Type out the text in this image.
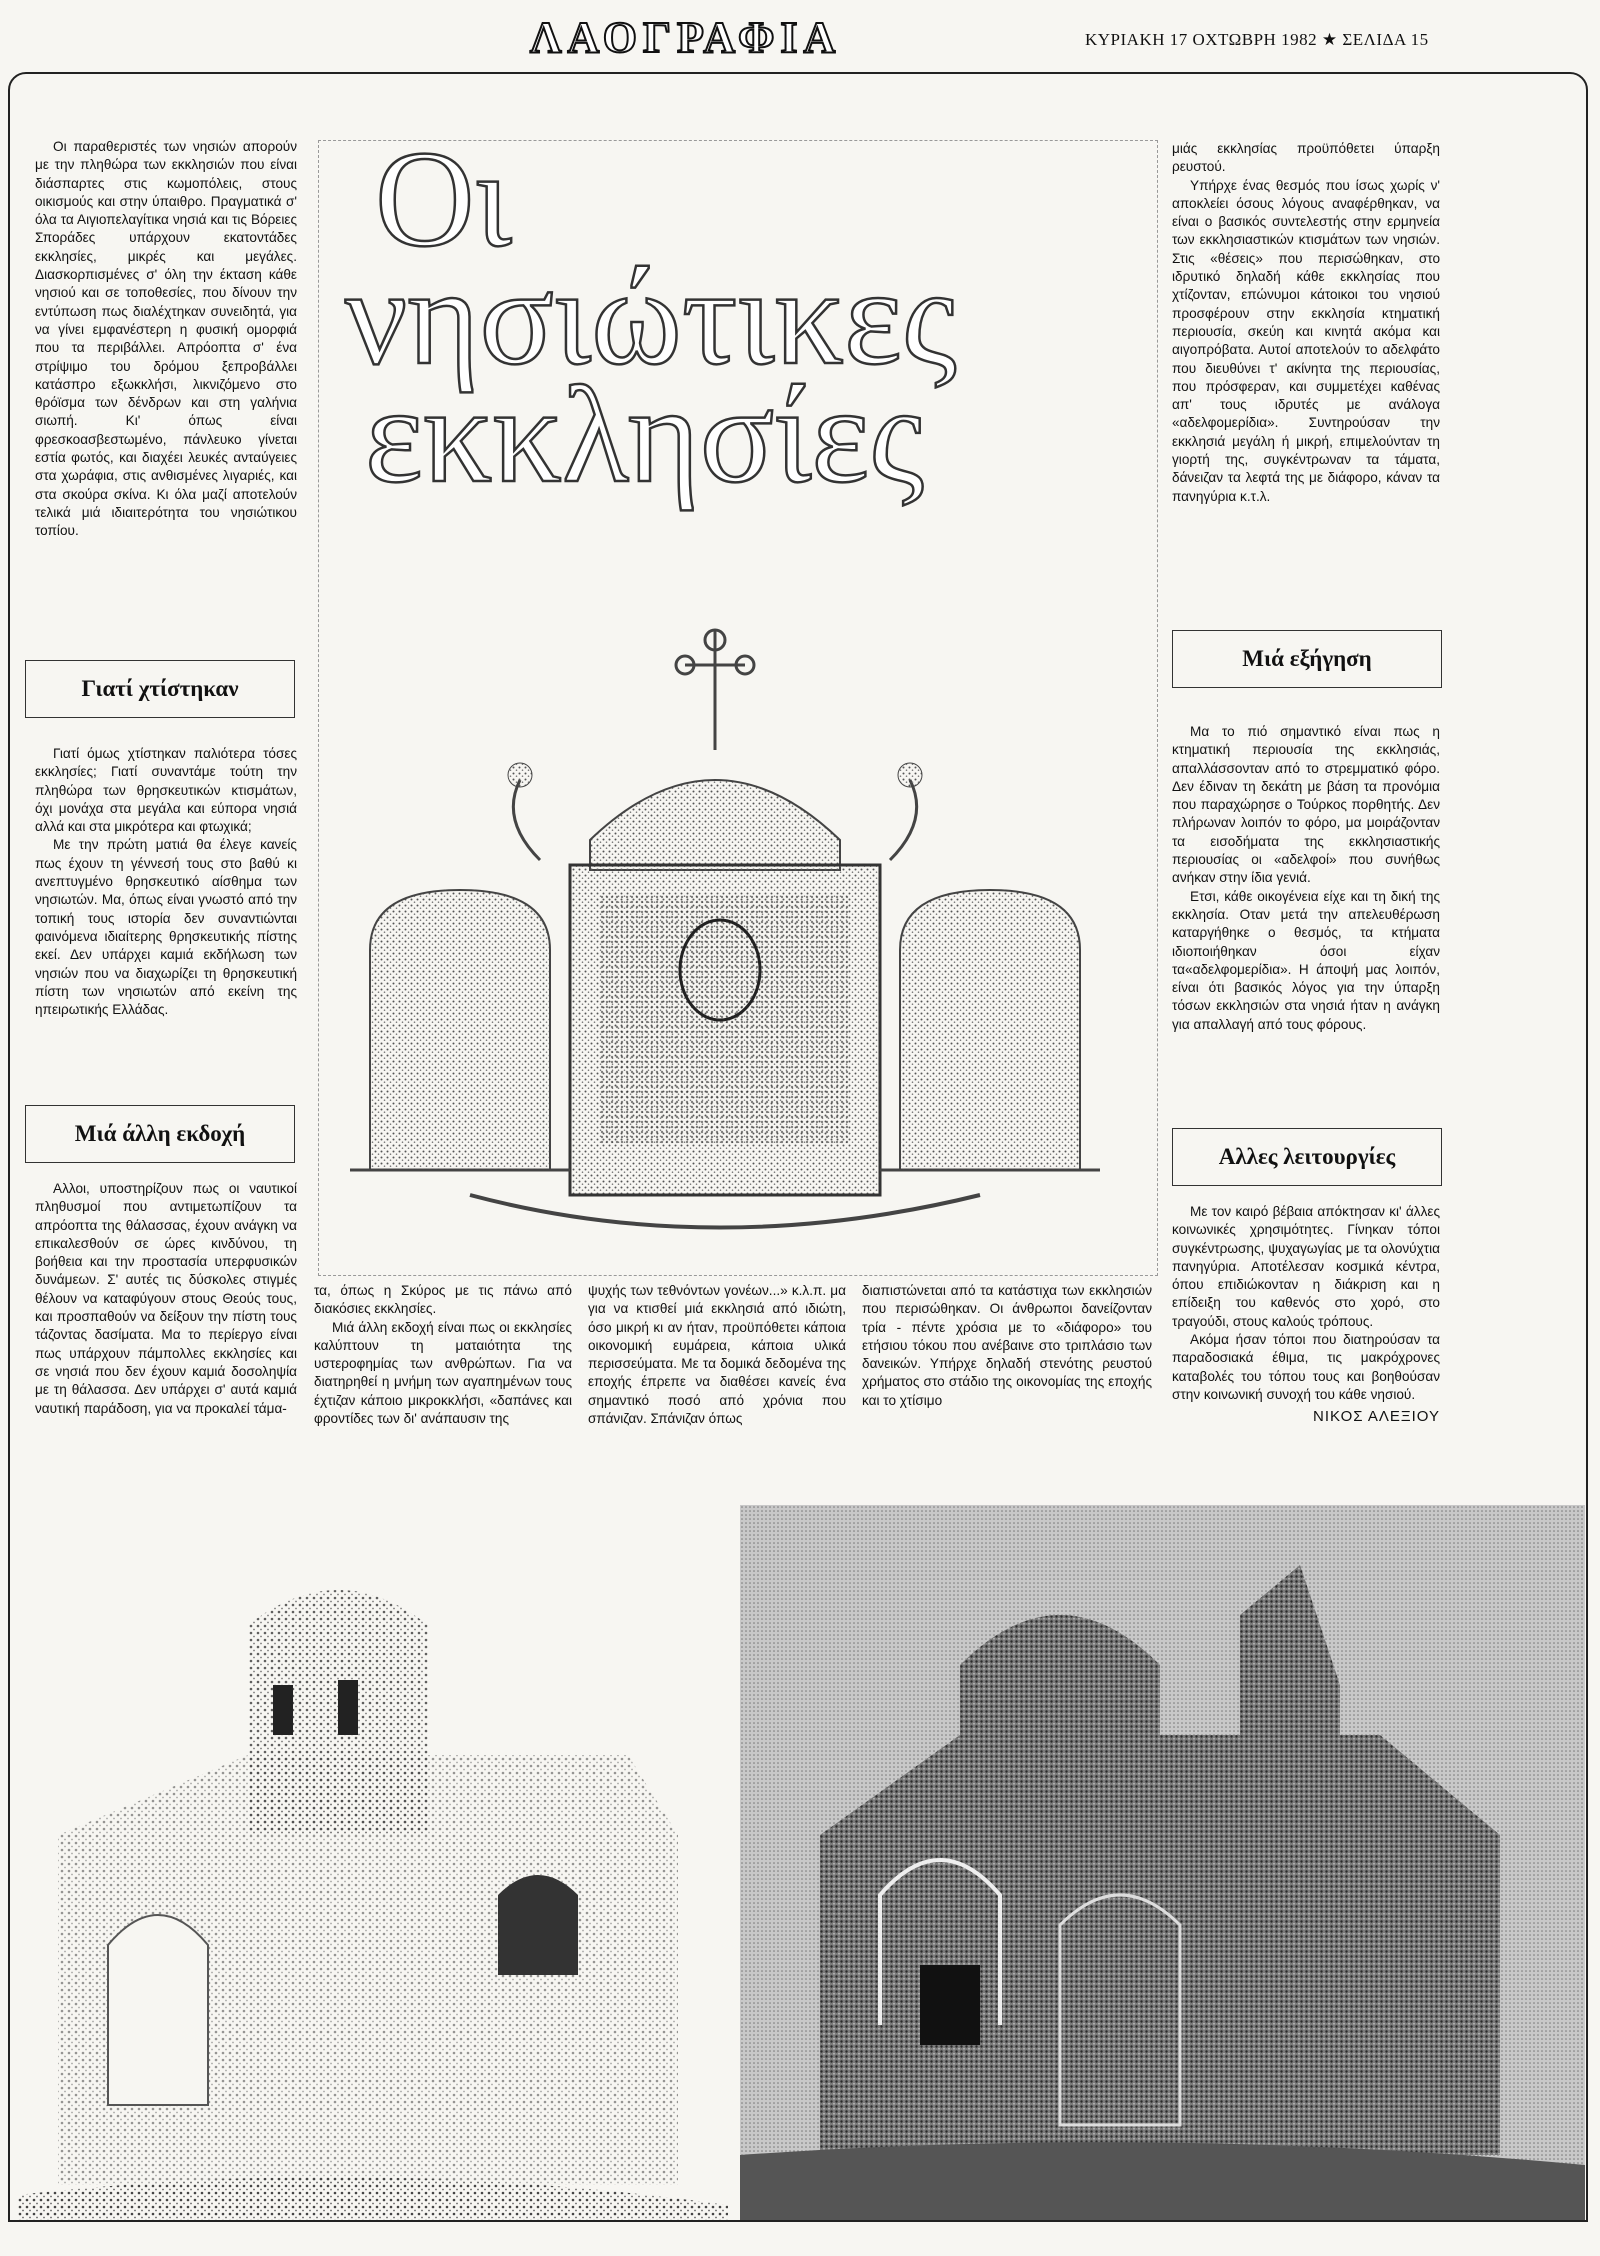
ΛΑΟΓΡΑΦΙΑ	ΚΥΡΙΑΚΗ 17 ΟΧΤΩΒΡΗ 1982 ★ ΣΕΛΙΔΑ 15

Οι παραθεριστές των νησιών απορούν με την πληθώρα των εκκλησιών που είναι διάσπαρτες στις κωμοπόλεις, στους οικισμούς και στην ύπαιθρο. Πραγματικά σ' όλα τα Αιγιοπελαγίτικα νησιά και τις Βόρειες Σποράδες υπάρχουν εκατοντάδες εκκλησίες, μικρές και μεγάλες. Διασκορπισμένες σ' όλη την έκταση κάθε νησιού και σε τοποθεσίες, που δίνουν την εντύπωση πως διαλέχτηκαν συνειδητά, για να γίνει εμφανέστερη η φυσική ομορφιά που τα περιβάλλει. Απρόοπτα σ' ένα στρίψιμο του δρόμου ξεπροβάλλει κατάσπρο εξωκκλήσι, λικνιζόμενο στο θρόϊσμα των δένδρων και στη γαλήνια σιωπή. Κι' όπως είναι φρεσκοασβεστωμένο, πάνλευκο γίνεται εστία φωτός, και διαχέει λευκές ανταύγειες στα χωράφια, στις ανθισμένες λιγαριές, και στα σκούρα σκίνα. Κι όλα μαζί αποτελούν τελικά μιά ιδιαιτερότητα του νησιώτικου τοπίου.

Γιατί χτίστηκαν

Γιατί όμως χτίστηκαν παλιότερα τόσες εκκλησίες; Γιατί συναντάμε τούτη την πληθώρα των θρησκευτικών κτισμάτων, όχι μονάχα στα μεγάλα και εύπορα νησιά αλλά και στα μικρότερα και φτωχικά;

Με την πρώτη ματιά θα έλεγε κανείς πως έχουν τη γέννεσή τους στο βαθύ κι ανεπτυγμένο θρησκευτικό αίσθημα των νησιωτών. Μα, όπως είναι γνωστό από την τοπική τους ιστορία δεν συναντιώνται φαινόμενα ιδιαίτερης θρησκευτικής πίστης εκεί. Δεν υπάρχει καμιά εκδήλωση των νησιών που να διαχωρίζει τη θρησκευτική πίστη των νησιωτών από εκείνη της ηπειρωτικής Ελλάδας.

Μιά άλλη εκδοχή

Αλλοι, υποστηρίζουν πως οι ναυτικοί πληθυσμοί που αντιμετωπίζουν τα απρόοπτα της θάλασσας, έχουν ανάγκη να επικαλεσθούν σε ώρες κινδύνου, τη βοήθεια και την προστασία υπερφυσικών δυνάμεων. Σ' αυτές τις δύσκολες στιγμές θέλουν να καταφύγουν στους Θεούς τους, και προσπαθούν να δείξουν την πίστη τους τάζοντας δασίματα. Μα το περίεργο είναι πως υπάρχουν πάμπολλες εκκλησίες και σε νησιά που δεν έχουν καμιά δοσοληψία με τη θάλασσα. Δεν υπάρχει σ' αυτά καμιά ναυτική παράδοση, για να προκαλεί τάμα-

Οι
νησιώτικες
εκκλησίες

τα, όπως η Σκύρος με τις πάνω από διακόσιες εκκλησίες.

Μιά άλλη εκδοχή είναι πως οι εκκλησίες καλύπτουν τη ματαιότητα της υστεροφημίας των ανθρώπων. Για να διατηρηθεί η μνήμη των αγαπημένων τους έχτιζαν κάποιο μικροκκλήσι, «δαπάνες και φροντίδες των δι' ανάπαυσιν της

ψυχής των τεθνόντων γονέων...» κ.λ.π. μα για να κτισθεί μιά εκκλησιά από ιδιώτη, όσο μικρή κι αν ήταν, προϋπόθετει κάποια οικονομική ευμάρεια, κάποια υλικά περισσεύματα. Με τα δομικά δεδομένα της εποχής έπρεπε να διαθέσει κανείς ένα σημαντικό ποσό από χρόνια που σπάνιζαν. Σπάνιζαν όπως

διαπιστώνεται από τα κατάστιχα των εκκλησιών που περισώθηκαν. Οι άνθρωποι δανείζονταν τρία - πέντε χρόσια με το «διάφορο» του ετήσιου τόκου που ανέβαινε στο τριπλάσιο των δανεικών. Υπήρχε δηλαδή στενότης ρευστού χρήματος στο στάδιο της οικονομίας της εποχής και το χτίσιμο

μιάς εκκλησίας προϋπόθετει ύπαρξη ρευστού.

Υπήρχε ένας θεσμός που ίσως χωρίς ν' αποκλείει όσους λόγους αναφέρθηκαν, να είναι ο βασικός συντελεστής στην ερμηνεία των εκκλησιαστικών κτισμάτων των νησιών. Στις «θέσεις» που περισώθηκαν, στο ιδρυτικό δηλαδή κάθε εκκλησίας που χτίζονταν, επώνυμοι κάτοικοι του νησιού προσφέρουν στην εκκλησία κτηματική περιουσία, σκεύη και κινητά ακόμα και αιγοπρόβατα. Αυτοί αποτελούν το αδελφάτο που διευθύνει τ' ακίνητα της περιουσίας, που πρόσφεραν, και συμμετέχει καθένας απ' τους ιδρυτές με ανάλογα «αδελφομερίδια». Συντηρούσαν την εκκλησιά μεγάλη ή μικρή, επιμελούνταν τη γιορτή της, συγκέντρωναν τα τάματα, δάνειζαν τα λεφτά της με διάφορο, κάναν τα πανηγύρια κ.τ.λ.

Μιά εξήγηση

Μα το πιό σημαντικό είναι πως η κτηματική περιουσία της εκκλησιάς, απαλλάσσονταν από το στρεμματικό φόρο. Δεν έδιναν τη δεκάτη με βάση τα προνόμια που παραχώρησε ο Τούρκος πορθητής. Δεν πλήρωναν λοιπόν το φόρο, μα μοιράζονταν τα εισοδήματα της εκκλησιαστικής περιουσίας οι «αδελφοί» που συνήθως ανήκαν στην ίδια γενιά.

Ετσι, κάθε οικογένεια είχε και τη δική της εκκλησία. Οταν μετά την απελευθέρωση καταργήθηκε ο θεσμός, τα κτήματα ιδιοποιήθηκαν όσοι είχαν τα«αδελφομερίδια». Η άποψή μας λοιπόν, είναι ότι βασικός λόγος για την ύπαρξη τόσων εκκλησιών στα νησιά ήταν η ανάγκη για απαλλαγή από τους φόρους.

Αλλες λειτουργίες

Με τον καιρό βέβαια απόκτησαν κι' άλλες κοινωνικές χρησιμότητες. Γίνηκαν τόποι συγκέντρωσης, ψυχαγωγίας με τα ολονύχτια πανηγύρια. Αποτέλεσαν κοσμικά κέντρα, όπου επιδιώκονταν η διάκριση και η επίδειξη του καθενός στο χορό, στο τραγούδι, στους καλούς τρόπους.

Ακόμα ήσαν τόποι που διατηρούσαν τα παραδοσιακά έθιμα, τις μακρόχρονες καταβολές του τόπου τους και βοηθούσαν στην κοινωνική συνοχή του κάθε νησιού.

ΝΙΚΟΣ ΑΛΕΞΙΟΥ
